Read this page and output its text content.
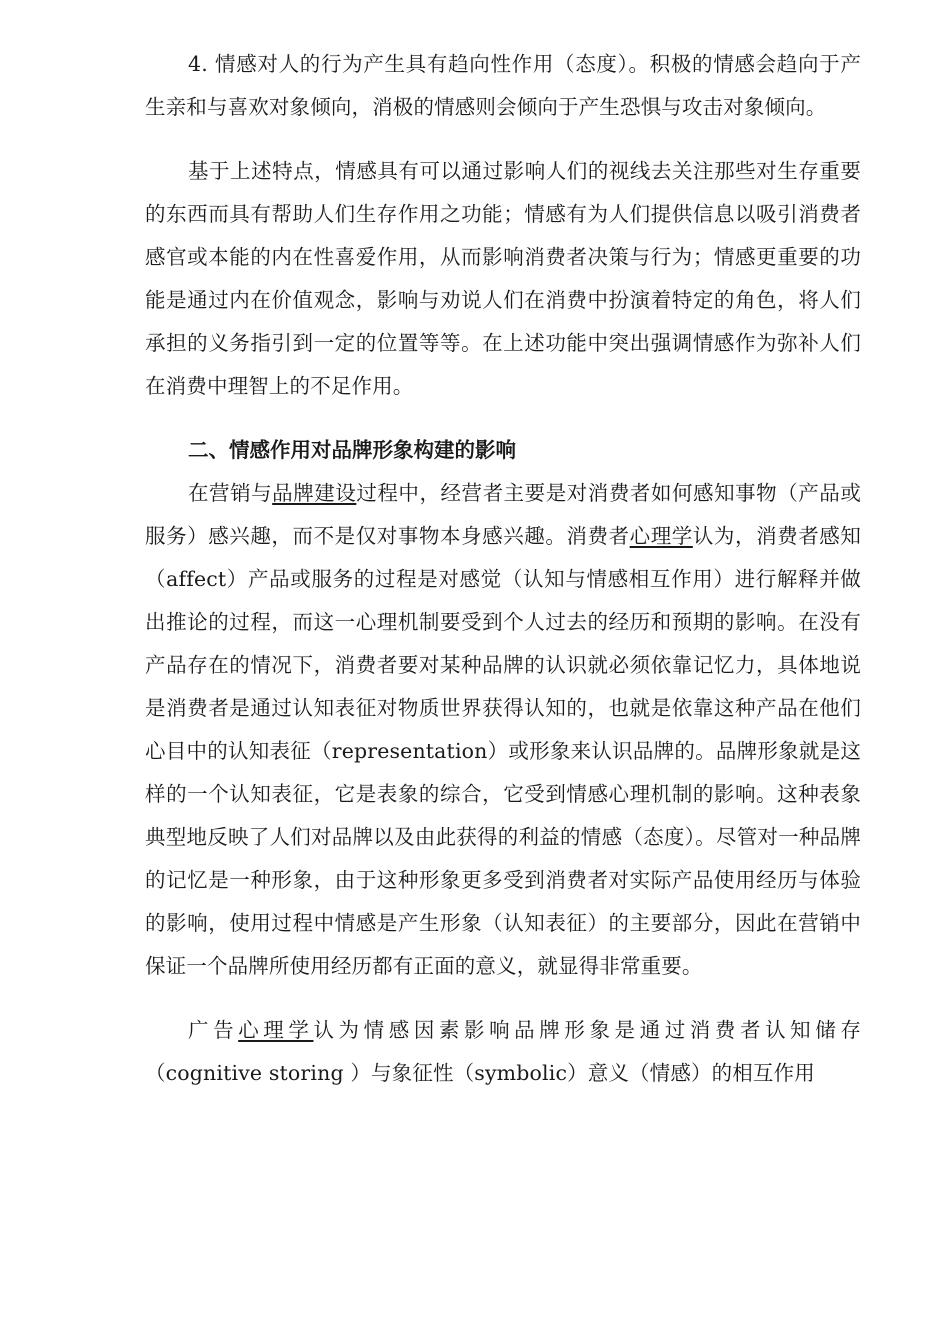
4. 情感对人的行为产生具有趋向性作用（态度）。积极的情感会趋向于产生亲和与喜欢对象倾向，消极的情感则会倾向于产生恐惧与攻击对象倾向。

基于上述特点，情感具有可以通过影响人们的视线去关注那些对生存重要的东西而具有帮助人们生存作用之功能；情感有为人们提供信息以吸引消费者感官或本能的内在性喜爱作用，从而影响消费者决策与行为；情感更重要的功能是通过内在价值观念，影响与劝说人们在消费中扮演着特定的角色，将人们承担的义务指引到一定的位置等等。在上述功能中突出强调情感作为弥补人们在消费中理智上的不足作用。

二、情感作用对品牌形象构建的影响

在营销与品牌建设过程中，经营者主要是对消费者如何感知事物（产品或服务）感兴趣，而不是仅对事物本身感兴趣。消费者心理学认为，消费者感知（affect）产品或服务的过程是对感觉（认知与情感相互作用）进行解释并做出推论的过程，而这一心理机制要受到个人过去的经历和预期的影响。在没有产品存在的情况下，消费者要对某种品牌的认识就必须依靠记忆力，具体地说是消费者是通过认知表征对物质世界获得认知的，也就是依靠这种产品在他们心目中的认知表征（representation）或形象来认识品牌的。品牌形象就是这样的一个认知表征，它是表象的综合，它受到情感心理机制的影响。这种表象典型地反映了人们对品牌以及由此获得的利益的情感（态度）。尽管对一种品牌的记忆是一种形象，由于这种形象更多受到消费者对实际产品使用经历与体验的影响，使用过程中情感是产生形象（认知表征）的主要部分，因此在营销中保证一个品牌所使用经历都有正面的意义，就显得非常重要。

广告心理学认为情感因素影响品牌形象是通过消费者认知储存（cognitive storing ）与象征性（symbolic）意义（情感）的相互作用
